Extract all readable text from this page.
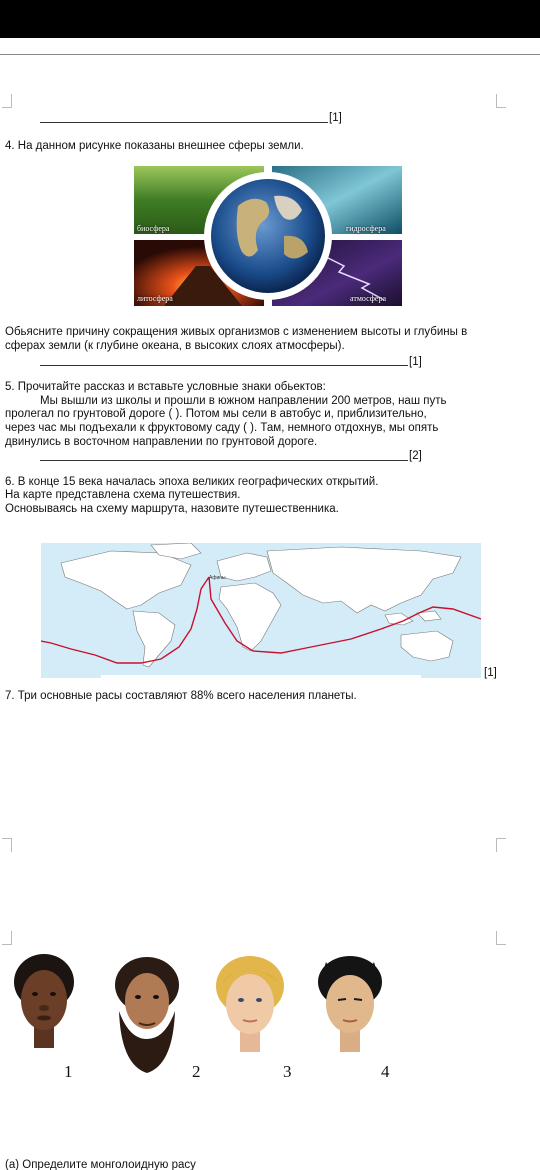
[1]
4. На данном рисунке показаны внешнее сферы земли.
биосфера	гидросфера
литосфера	атмосфера
Обьясните причину сокращения живых организмов с изменением высоты и глубины в
сферах земли (к глубине океана, в высоких слоях атмосферы).
[1]
5. Прочитайте рассказ и вставьте условные знаки обьектов:
Мы вышли из школы и прошли в южном направлении 200 метров, наш путь
пролегал по грунтовой дороге ( ). Потом мы сели в автобус и, приблизительно,
через час мы подъехали к фруктовому саду ( ). Там, немного отдохнув, мы опять
двинулись в восточном направлении по грунтовой дороге.
[2]
6. В конце 15 века началась эпоха великих географических открытий.
На карте представлена схема путешествия.
Основываясь на схему маршрута, назовите путешественника.
Афины
[1]
7. Три основные расы составляют 88% всего населения планеты.
1	2	3	4
(a) Определите монголоидную расу
